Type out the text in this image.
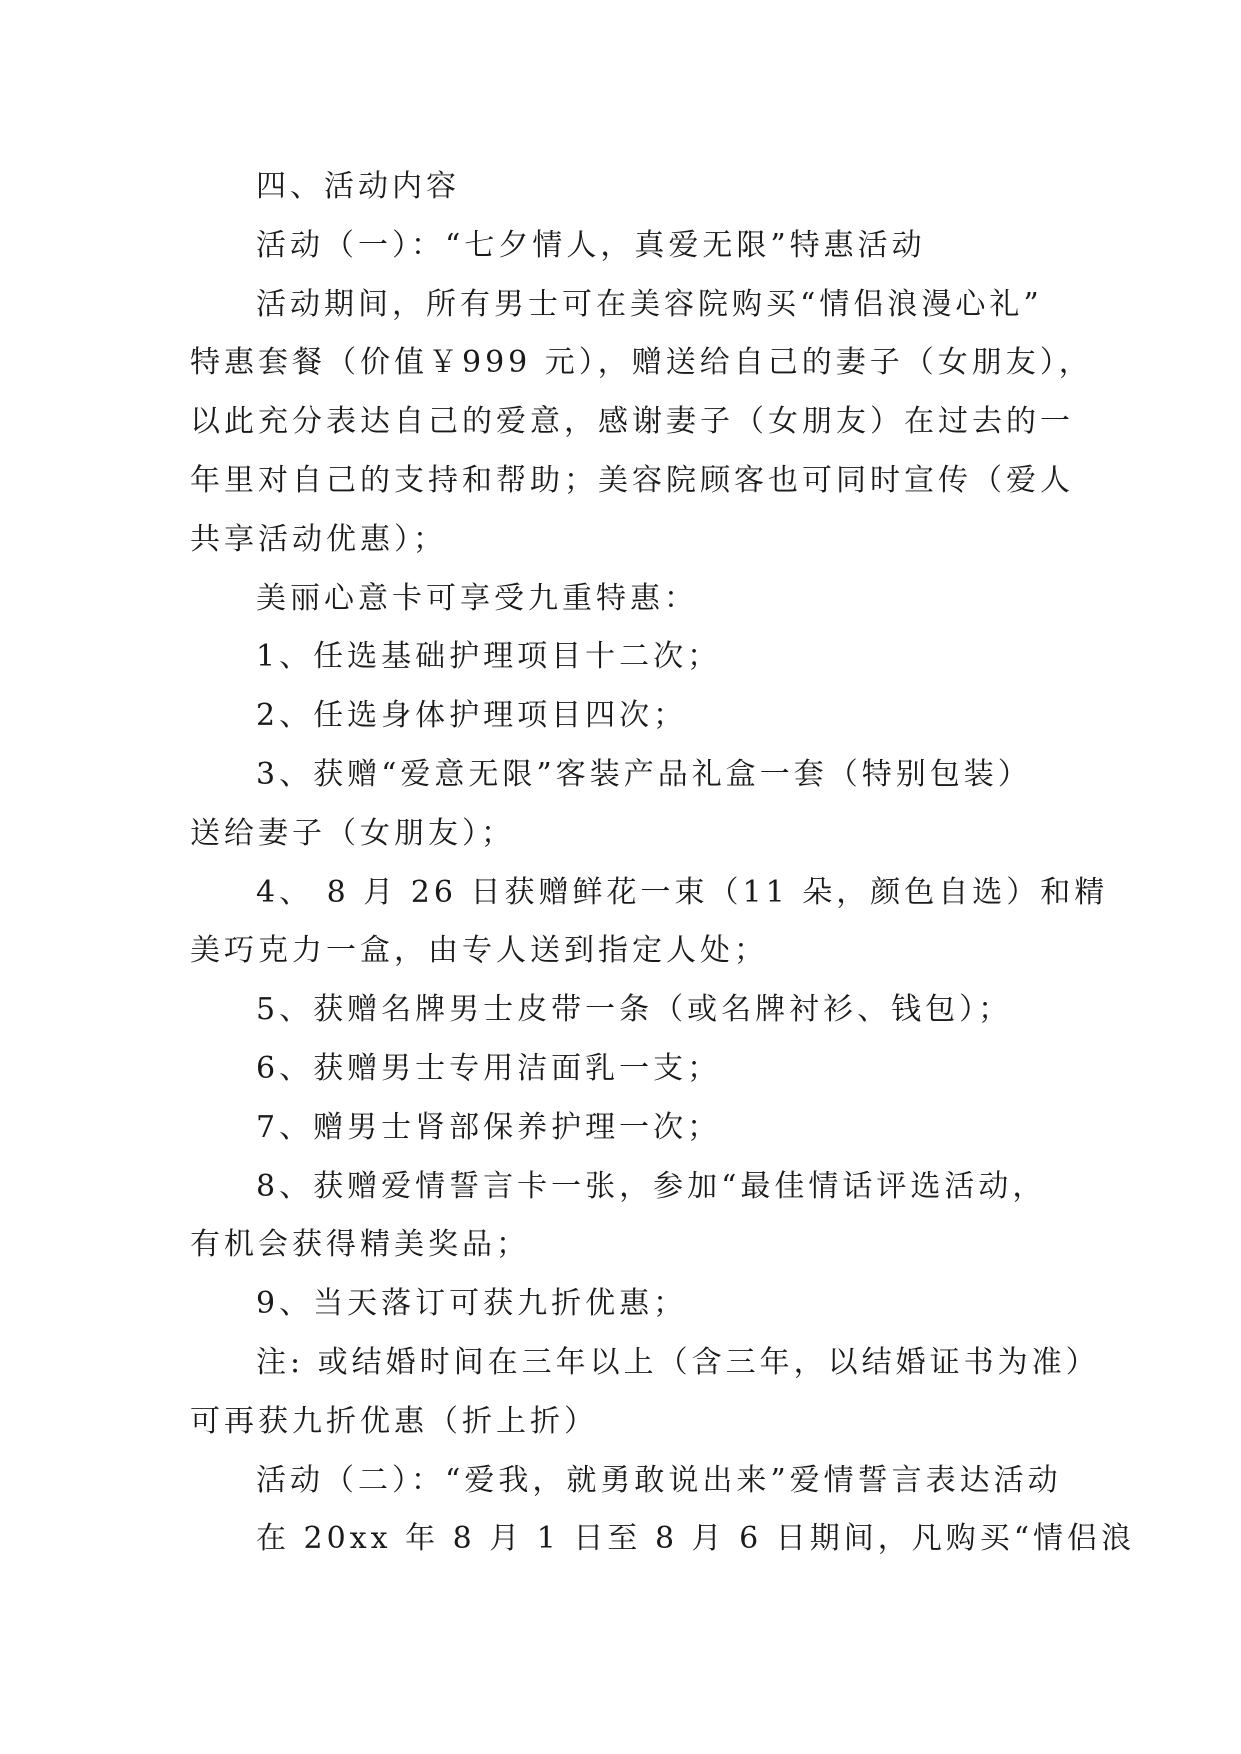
四、活动内容

活动（一）：“七夕情人，真爱无限”特惠活动

活动期间，所有男士可在美容院购买“情侣浪漫心礼”

特惠套餐（价值￥999 元），赠送给自己的妻子（女朋友），

以此充分表达自己的爱意，感谢妻子（女朋友）在过去的一

年里对自己的支持和帮助；美容院顾客也可同时宣传（爱人

共享活动优惠）；

美丽心意卡可享受九重特惠：

1、任选基础护理项目十二次；

2、任选身体护理项目四次；

3、获赠“爱意无限”客装产品礼盒一套（特别包装）

送给妻子（女朋友）；

4、 8 月 26 日获赠鲜花一束（11 朵，颜色自选）和精

美巧克力一盒，由专人送到指定人处；

5、获赠名牌男士皮带一条（或名牌衬衫、钱包）；

6、获赠男士专用洁面乳一支；

7、赠男士肾部保养护理一次；

8、获赠爱情誓言卡一张，参加“最佳情话评选活动，

有机会获得精美奖品；

9、当天落订可获九折优惠；

注: 或结婚时间在三年以上（含三年，以结婚证书为准）

可再获九折优惠（折上折）

活动（二）：“爱我，就勇敢说出来”爱情誓言表达活动

在 20xx 年 8 月 1 日至 8 月 6 日期间，凡购买“情侣浪
